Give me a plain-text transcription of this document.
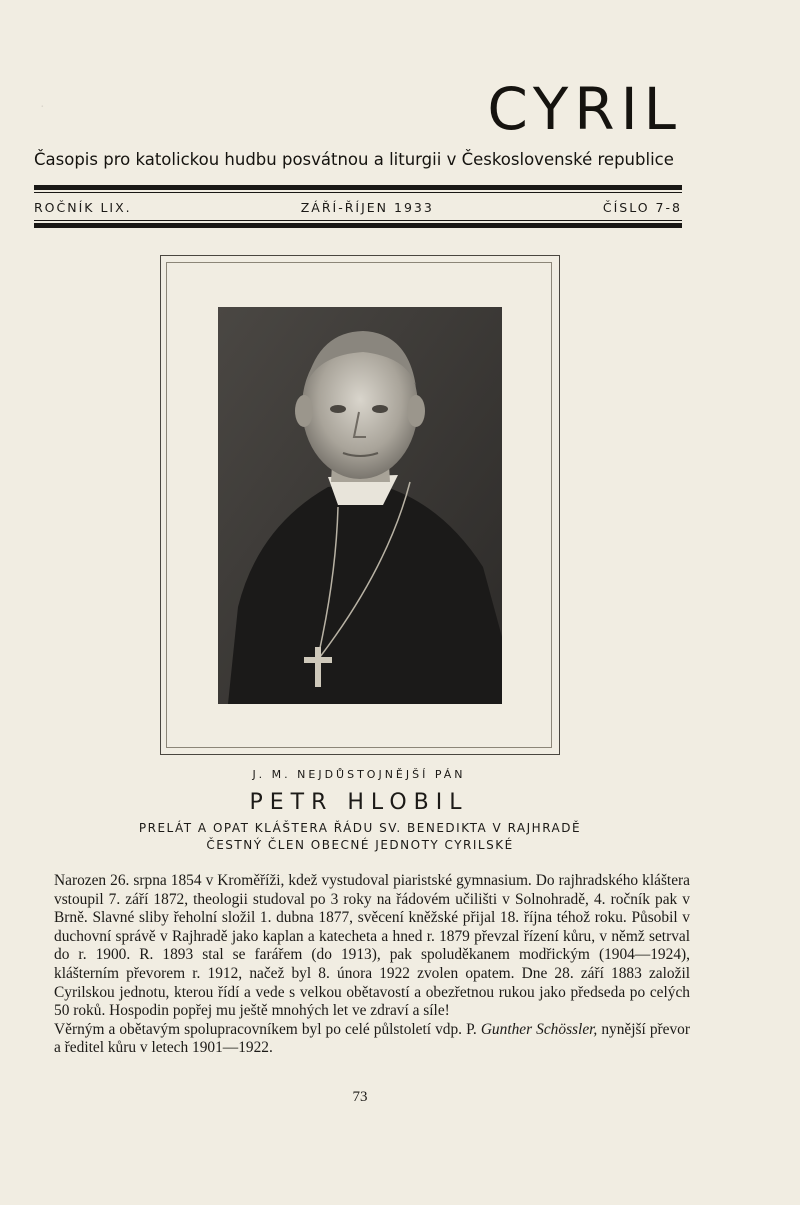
·	CYRIL
Časopis pro katolickou hudbu posvátnou a liturgii v Československé republice
ROČNÍK LIX.	ZÁŘÍ-ŘÍJEN 1933	ČÍSLO 7-8
J. M. NEJDŮSTOJNĚJŠÍ PÁN
PETR HLOBIL
PRELÁT A OPAT KLÁŠTERA ŘÁDU SV. BENEDIKTA V RAJHRADĚ
ČESTNÝ ČLEN OBECNÉ JEDNOTY CYRILSKÉ

Narozen 26. srpna 1854 v Kroměříži, kdež vystudoval piaristské gymnasium. Do rajhradského kláštera vstoupil 7. září 1872, theologii studoval po 3 roky na řádovém učilišti v Solnohradě, 4. ročník pak v Brně. Slavné sliby řeholní složil 1. dubna 1877, svěcení kněžské přijal 18. října téhož roku. Působil v duchovní správě v Rajhradě jako kaplan a katecheta a hned r. 1879 převzal řízení kůru, v němž setrval do r. 1900. R. 1893 stal se farářem (do 1913), pak spoluděkanem modřickým (1904—1924), klášterním převorem r. 1912, načež byl 8. února 1922 zvolen opatem. Dne 28. září 1883 založil Cyrilskou jednotu, kterou řídí a vede s velkou obětavostí a obezřetnou rukou jako předseda po celých 50 roků. Hospodin popřej mu ještě mnohých let ve zdraví a síle!

Věrným a obětavým spolupracovníkem byl po celé půlstoletí vdp. P. Gunther Schössler, nynější převor a ředitel kůru v letech 1901—1922.

73
